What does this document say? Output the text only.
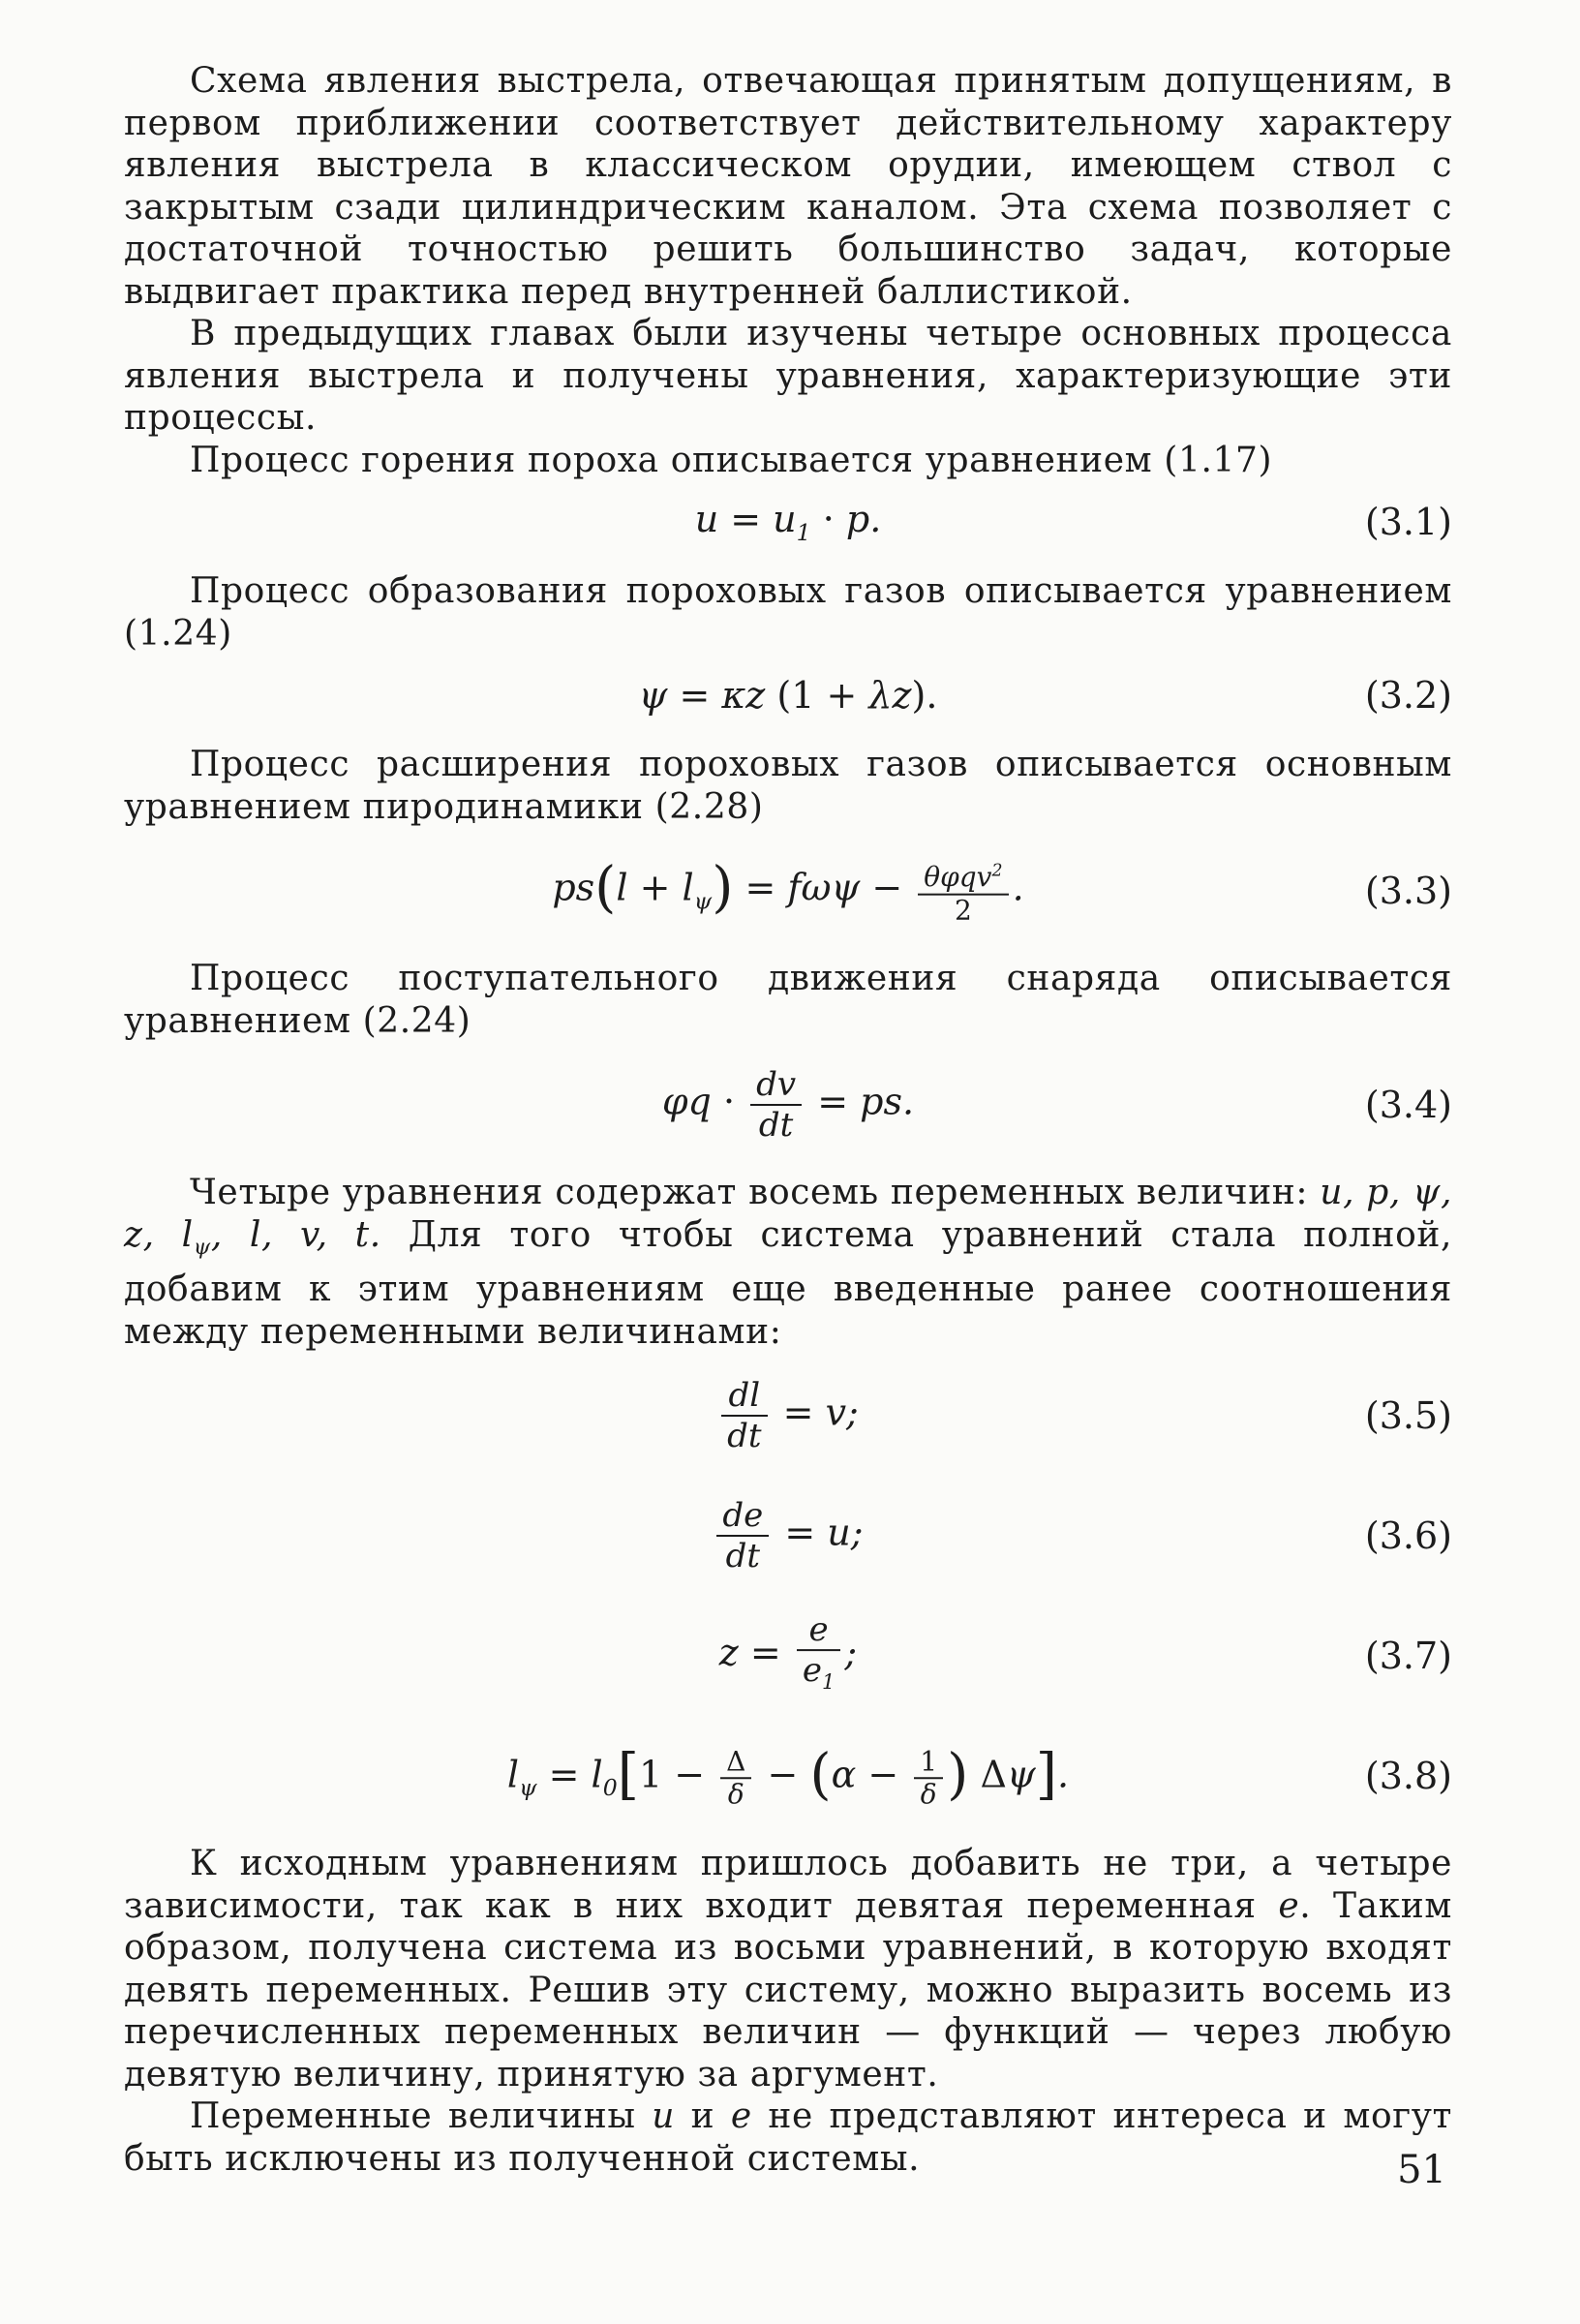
Схема явления выстрела, отвечающая принятым допущениям, в первом приближении соответствует действительному характеру явления выстрела в классическом орудии, имеющем ствол с закрытым сзади цилиндрическим каналом. Эта схема позволяет с достаточной точностью решить большинство задач, которые выдвигает практика перед внутренней баллистикой.

В предыдущих главах были изучены четыре основных процесса явления выстрела и получены уравнения, характеризующие эти процессы.

Процесс горения пороха описывается уравнением (1.17)

$u = u_1 \cdot p$.	(3.1)

Процесс образования пороховых газов описывается уравнением (1.24)

ψ = κz (1 + λz).	(3.2)

Процесс расширения пороховых газов описывается основным уравнением пиродинамики (2.28)

$ps(l + l_\psi) = f\omega\psi - \frac{\theta\varphi qv^2}{2}$ .	(3.3)

Процесс поступательного движения снаряда описывается уравнением (2.24)

$\varphi q \cdot \frac{dv}{dt}$ = ps.	(3.4)

Четыре уравнения содержат восемь переменных величин: u, p, ψ, z, $l_\psi$, l, v, t. Для того чтобы система уравнений стала полной, добавим к этим уравнениям еще введенные ранее соотношения между переменными величинами:

$\frac{dl}{dt} = v$;	(3.5)
$\frac{de}{dt} = u$;	(3.6)
$z = \frac{e}{e_1}$ ;	(3.7)
$l_\psi = l_0[1 - \frac{\Delta}{\delta} - (\alpha - \frac{1}{\delta}$ ) Δψ].	(3.8)

К исходным уравнениям пришлось добавить не три, а четыре зависимости, так как в них входит девятая переменная e. Таким образом, получена система из восьми уравнений, в которую входят девять переменных. Решив эту систему, можно выразить восемь из перечисленных переменных величин — функций — через любую девятую величину, принятую за аргумент.

Переменные величины u и e не представляют интереса и могут быть исключены из полученной системы.	51
